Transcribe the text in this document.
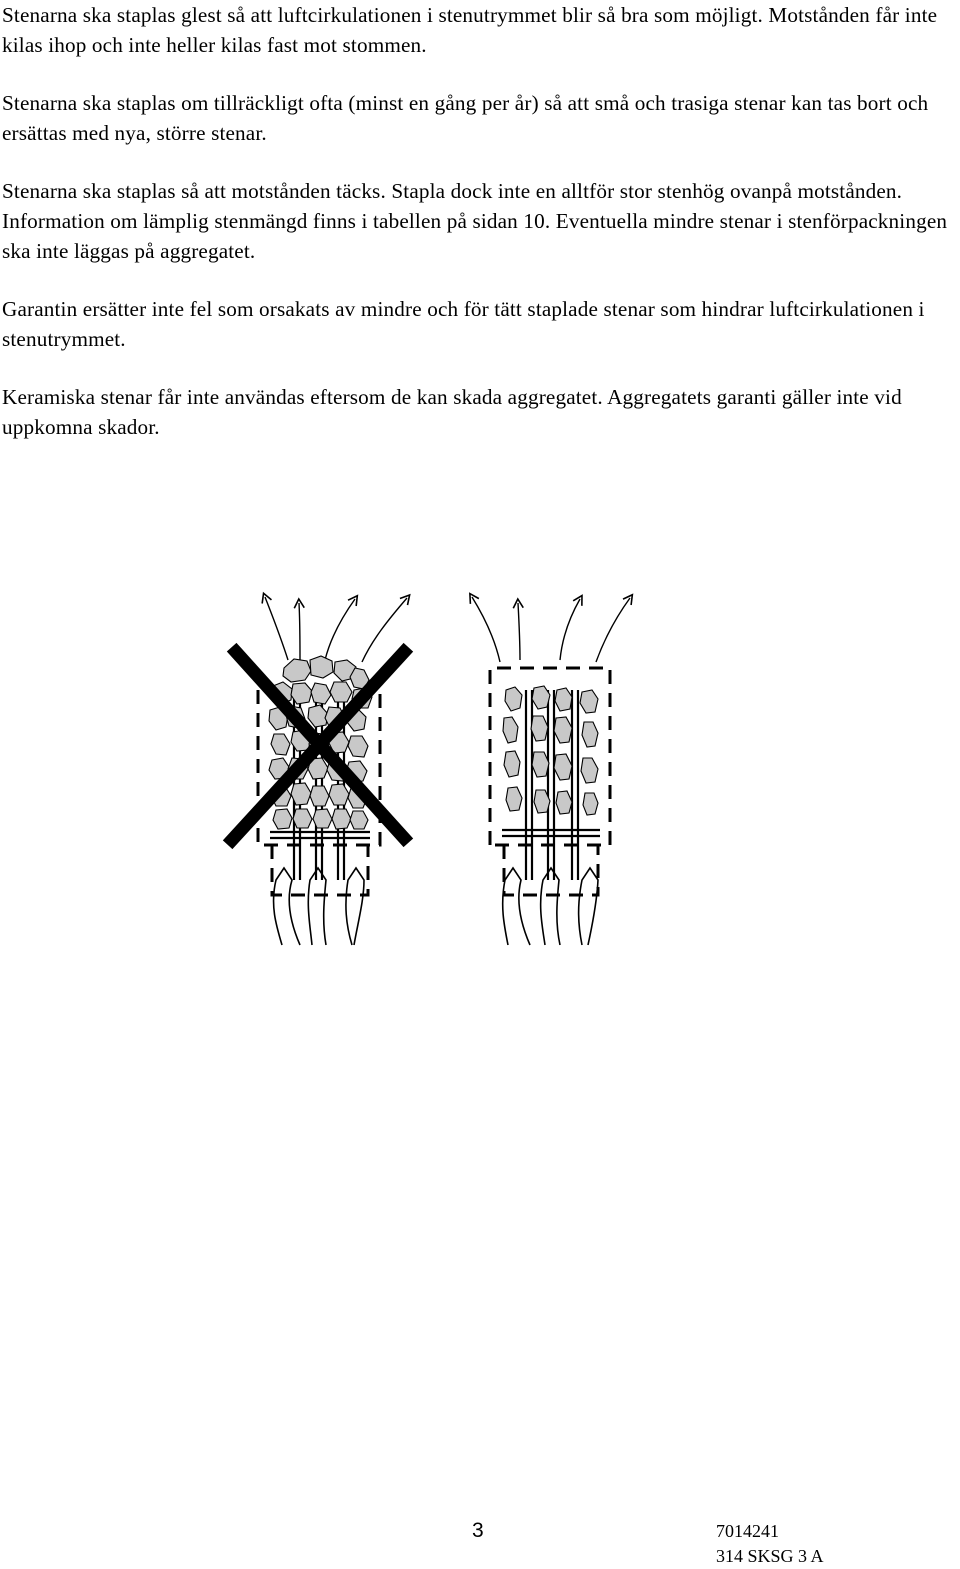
Stenarna ska staplas glest så att luftcirkulationen i stenutrymmet blir så bra som möjligt. Motstånden får inte kilas ihop och inte heller kilas fast mot stommen.

Stenarna ska staplas om tillräckligt ofta (minst en gång per år) så att små och trasiga stenar kan tas bort och ersättas med nya, större stenar.

Stenarna ska staplas så att motstånden täcks. Stapla dock inte en alltför stor stenhög ovanpå motstånden. Information om lämplig stenmängd finns i tabellen på sidan 10. Eventuella mindre stenar i stenförpackningen ska inte läggas på aggregatet.

Garantin ersätter inte fel som orsakats av mindre och för tätt staplade stenar som hindrar luftcirkulationen i stenutrymmet.

Keramiska stenar får inte användas eftersom de kan skada aggregatet. Aggregatets garanti gäller inte vid uppkomna skador.

3	7014241
314 SKSG 3 A
